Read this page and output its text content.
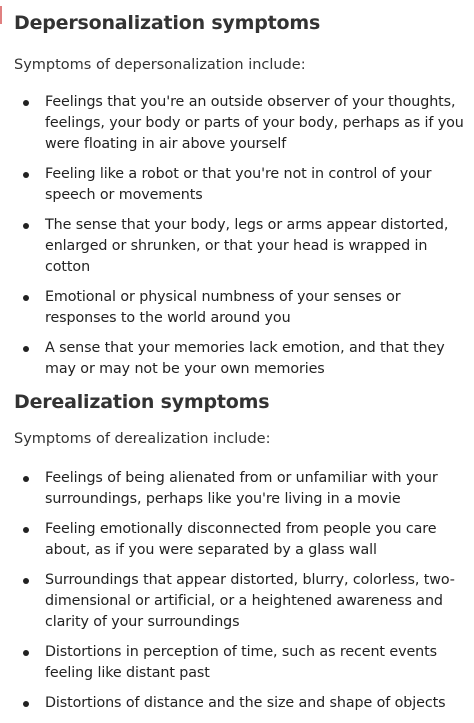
Depersonalization symptoms
Symptoms of depersonalization include:
Feelings that you're an outside observer of your thoughts, feelings, your body or parts of your body, perhaps as if you were floating in air above yourself
Feeling like a robot or that you're not in control of your speech or movements
The sense that your body, legs or arms appear distorted, enlarged or shrunken, or that your head is wrapped in cotton
Emotional or physical numbness of your senses or responses to the world around you
A sense that your memories lack emotion, and that they may or may not be your own memories
Derealization symptoms
Symptoms of derealization include:
Feelings of being alienated from or unfamiliar with your surroundings, perhaps like you're living in a movie
Feeling emotionally disconnected from people you care about, as if you were separated by a glass wall
Surroundings that appear distorted, blurry, colorless, two-dimensional or artificial, or a heightened awareness and clarity of your surroundings
Distortions in perception of time, such as recent events feeling like distant past
Distortions of distance and the size and shape of objects
